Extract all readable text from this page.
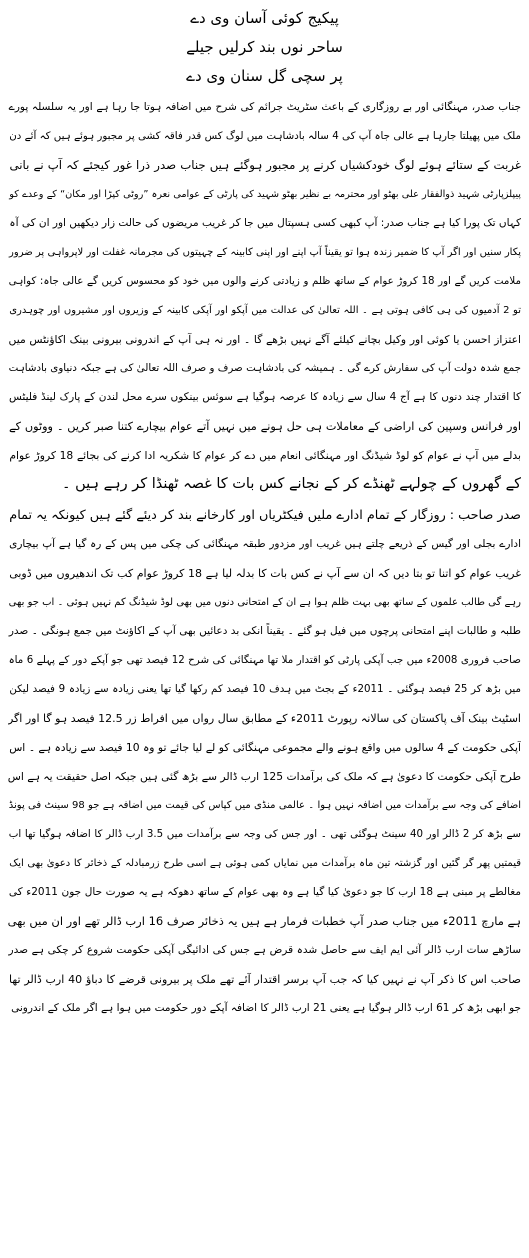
پیکیج کوئی آسان وی دے
ساحر نوں بند کرلیں جیلے
پر سچی گل سنان وی دے
جناب صدر، مہنگائی اور بے روزگاری کے باعث سٹریٹ جرائم کی شرح میں اضافہ ہوتا جا رہا ہے اور یہ سلسلہ پورے
ملک میں پھیلتا جارہا ہے عالی جاہ آپ کی 4 سالہ بادشاہت میں لوگ کس قدر فاقہ کشی پر مجبور ہوئے ہیں کہ آئے دن
غربت کے ستائے ہوئے لوگ خودکشیاں کرنے پر مجبور ہوگئے ہیں جناب صدر ذرا غور کیجئے کہ آپ نے بانی
پیپلزپارٹی شہید ذوالفقار علی بھٹو اور محترمہ بے نظیر بھٹو شہید کی پارٹی کے عوامی نعرہ ”روٹی کپڑا اور مکان“ کے وعدے کو
کہاں تک پورا کیا ہے جناب صدر: آپ کبھی کسی ہسپتال میں جا کر غریب مریضوں کی حالت زار دیکھیں اور ان کی آہ
پکار سنیں اور اگر آپ کا ضمیر زندہ ہوا تو یقیناً آپ اپنے اور اپنی کابینہ کے چہیتوں کی مجرمانہ غفلت اور لاپرواہی پر ضرور
ملامت کریں گے اور 18 کروڑ عوام کے ساتھ ظلم و زیادتی کرنے والوں میں خود کو محسوس کریں گے عالی جاہ: کواہی
تو 2 آدمیوں کی ہی کافی ہوتی ہے ۔ اللہ تعالیٰ کی عدالت میں آپکو اور آپکی کابینہ کے وزیروں اور مشیروں اور چوہدری
اعتزاز احسن یا کوئی اور وکیل بچانے کیلئے آگے نہیں بڑھے گا ۔ اور نہ ہی آپ کے اندرونی بیرونی بینک اکاؤنٹس میں
جمع شدہ دولت آپ کی سفارش کرے گی ۔ ہمیشہ کی بادشاہت صرف و صرف اللہ تعالیٰ کی ہے جبکہ دنیاوی بادشاہت
کا اقتدار چند دنوں کا ہے آج 4 سال سے زیادہ کا عرصہ ہوگیا ہے سوئس بینکوں سرے محل لندن کے پارک لینڈ فلیٹس
اور فرانس وسپین کی اراضی کے معاملات ہی حل ہونے میں نہیں آتے عوام بیچارے کتنا صبر کریں ۔ ووٹوں کے
بدلے میں آپ نے عوام کو لوڈ شیڈنگ اور مہنگائی انعام میں دے کر عوام کا شکریہ ادا کرنے کی بجائے 18 کروڑ عوام
کے گھروں کے چولہے ٹھنڈے کر کے نجانے کس بات کا غصہ ٹھنڈا کر رہے ہیں ۔
صدر صاحب : روزگار کے تمام ادارے ملیں فیکٹریاں اور کارخانے بند کر دیئے گئے ہیں کیونکہ یہ تمام
ادارے بجلی اور گیس کے ذریعے چلتے ہیں غریب اور مزدور طبقہ مہنگائی کی چکی میں پس کے رہ گیا ہے آپ بیچاری
غریب عوام کو اتنا تو بتا دیں کہ ان سے آپ نے کس بات کا بدلہ لیا ہے 18 کروڑ عوام کب تک اندھیروں میں ڈوبی
رہے گی طالب علموں کے ساتھ بھی بہت ظلم ہوا ہے ان کے امتحانی دنوں میں بھی لوڈ شیڈنگ کم نہیں ہوئی ۔ اب جو بھی
طلبہ و طالبات اپنے امتحانی پرچوں میں فیل ہو گئے ۔ یقیناً انکی بد دعائیں بھی آپ کے اکاؤنٹ میں جمع ہونگی ۔ صدر
صاحب فروری 2008ء میں جب آپکی پارٹی کو اقتدار ملا تھا مہنگائی کی شرح 12 فیصد تھی جو آپکے دور کے پہلے 6 ماہ
میں بڑھ کر 25 فیصد ہوگئی ۔ 2011ء کے بجٹ میں ہدف 10 فیصد کم رکھا گیا تھا یعنی زیادہ سے زیادہ 9 فیصد لیکن
اسٹیٹ بینک آف پاکستان کی سالانہ رپورٹ 2011ء کے مطابق سال رواں میں افراط زر 12.5 فیصد ہو گا اور اگر
آپکی حکومت کے 4 سالوں میں واقع ہونے والے مجموعی مہنگائی کو لے لیا جائے تو وہ 10 فیصد سے زیادہ ہے ۔ اس
طرح آپکی حکومت کا دعویٰ ہے کہ ملک کی برآمدات 125 ارب ڈالر سے بڑھ گئی ہیں جبکہ اصل حقیقت یہ ہے اس
اضافے کی وجہ سے برآمدات میں اضافہ نہیں ہوا ۔ عالمی منڈی میں کپاس کی قیمت میں اضافہ ہے جو 98 سینٹ فی پونڈ
سے بڑھ کر 2 ڈالر اور 40 سینٹ ہوگئی تھی ۔ اور جس کی وجہ سے برآمدات میں 3.5 ارب ڈالر کا اضافہ ہوگیا تھا اب
قیمتیں پھر گر گئیں اور گزشتہ تین ماہ برآمدات میں نمایاں کمی ہوئی ہے اسی طرح زرمبادلہ کے ذخائر کا دعویٰ بھی ایک
مغالطے پر مبنی ہے 18 ارب کا جو دعویٰ کیا گیا ہے وہ بھی عوام کے ساتھ دھوکہ ہے یہ صورت حال جون 2011ء کی
ہے مارچ 2011ء میں جناب صدر آپ خطبات فرمار ہے ہیں یہ ذخائر صرف 16 ارب ڈالر تھے اور ان میں بھی
ساڑھے سات ارب ڈالر آئی ایم ایف سے حاصل شدہ قرض ہے جس کی ادائیگی آپکی حکومت شروع کر چکی ہے صدر
صاحب اس کا ذکر آپ نے نہیں کیا کہ جب آپ برسر اقتدار آئے تھے ملک پر بیرونی قرضے کا دباؤ 40 ارب ڈالر تھا
جو ابھی بڑھ کر 61 ارب ڈالر ہوگیا ہے یعنی 21 ارب ڈالر کا اضافہ آپکے دور حکومت میں ہوا ہے اگر ملک کے اندرونی
